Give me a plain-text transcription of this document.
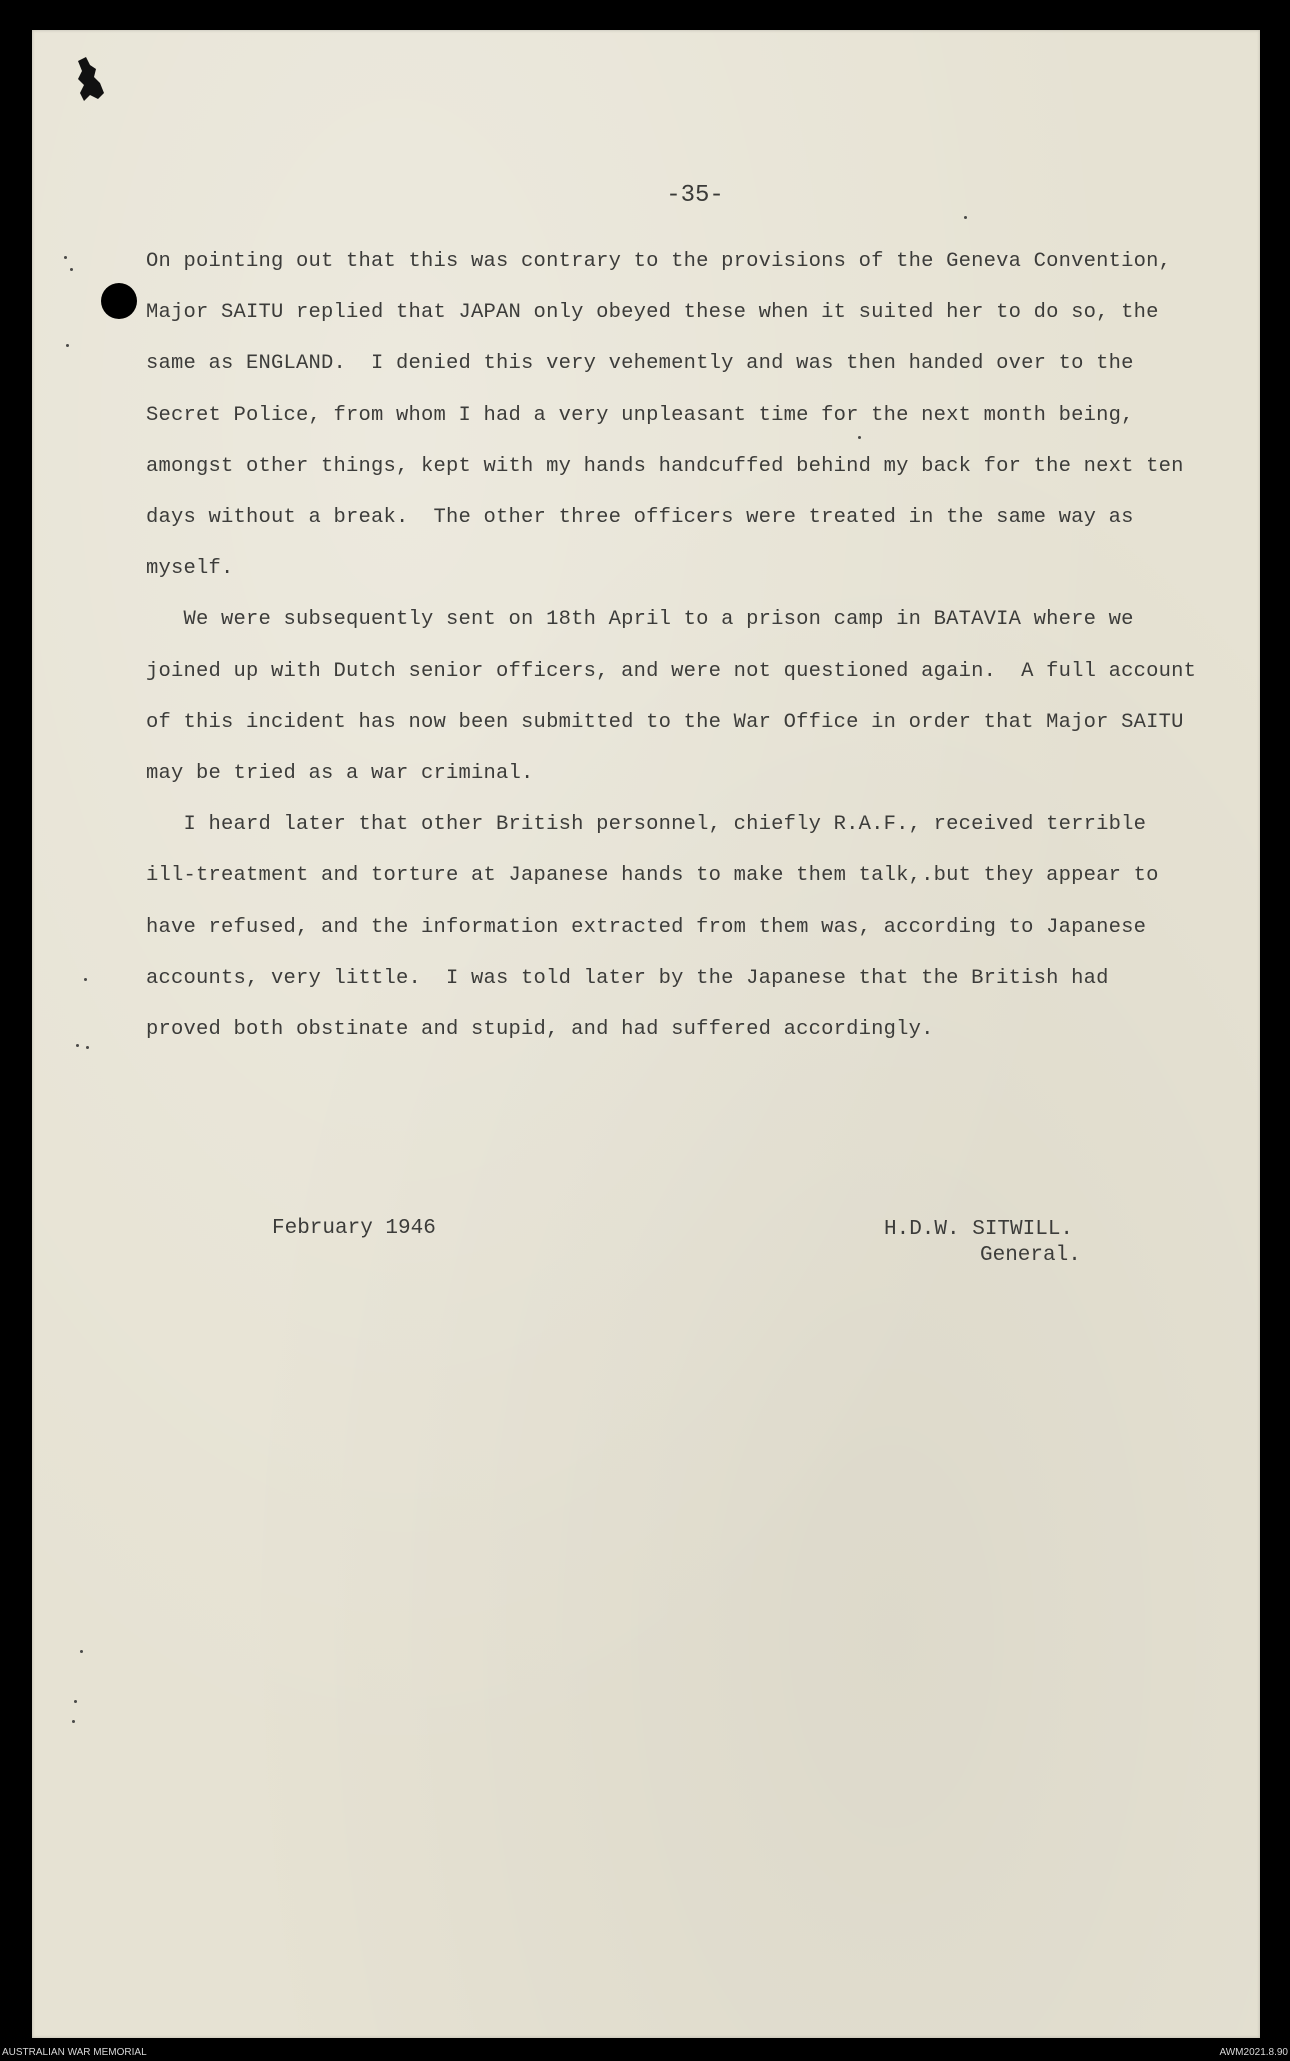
-35-
On pointing out that this was contrary to the provisions of the Geneva Convention,
Major SAITU replied that JAPAN only obeyed these when it suited her to do so, the
same as ENGLAND.  I denied this very vehemently and was then handed over to the
Secret Police, from whom I had a very unpleasant time for the next month being,
amongst other things, kept with my hands handcuffed behind my back for the next ten
days without a break.  The other three officers were treated in the same way as
myself.
We were subsequently sent on 18th April to a prison camp in BATAVIA where we
joined up with Dutch senior officers, and were not questioned again.  A full account
of this incident has now been submitted to the War Office in order that Major SAITU
may be tried as a war criminal.
I heard later that other British personnel, chiefly R.A.F., received terrible
ill-treatment and torture at Japanese hands to make them talk,.but they appear to
have refused, and the information extracted from them was, according to Japanese
accounts, very little.  I was told later by the Japanese that the British had
proved both obstinate and stupid, and had suffered accordingly.
February 1946	H.D.W. SITWILL.
General.
AUSTRALIAN WAR MEMORIAL	AWM2021.8.90
